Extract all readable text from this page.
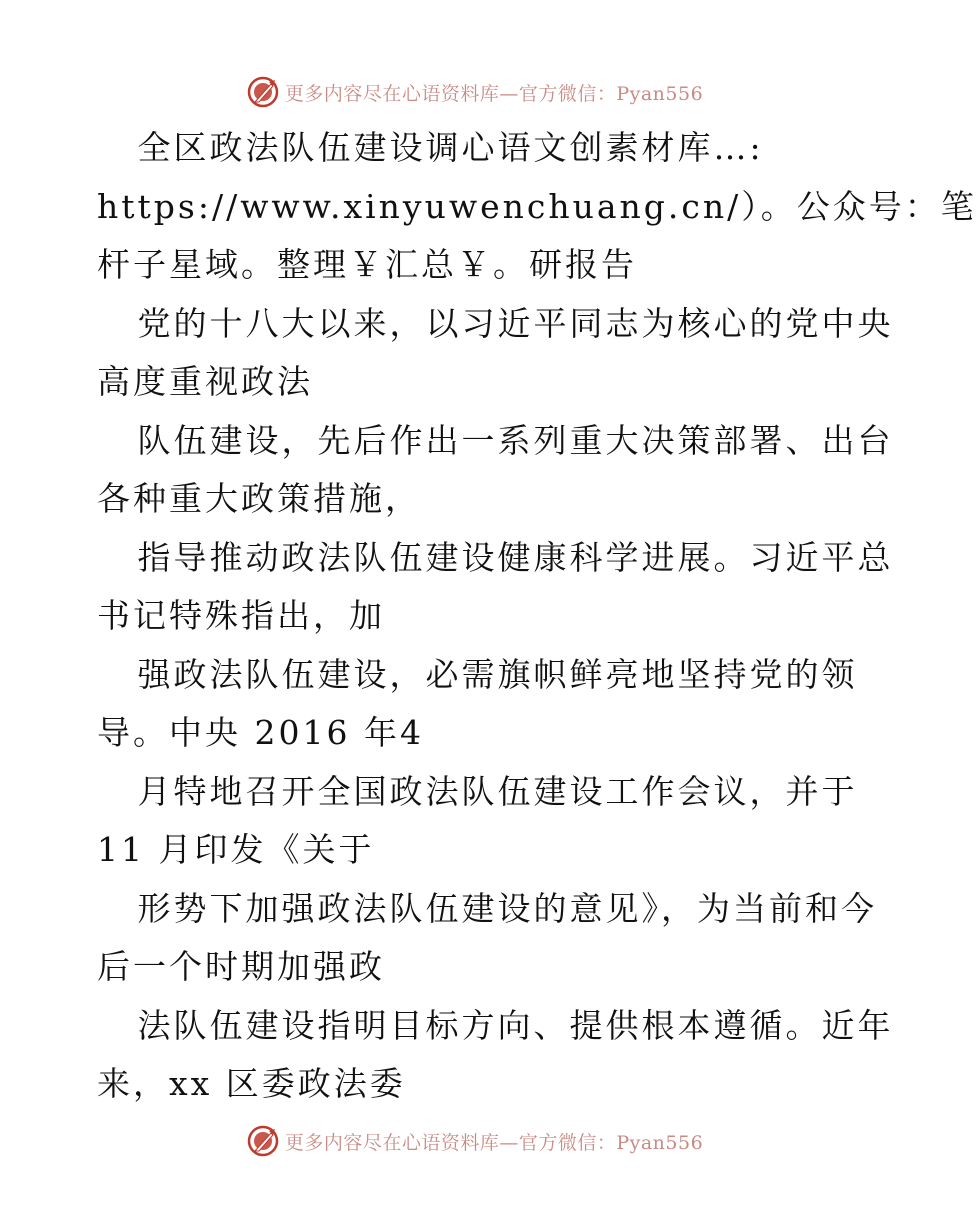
更多内容尽在心语资料库—官方微信：Pyan556
全区政法队伍建设调心语文创素材库…:
https://www.xinyuwenchuang.cn/）。公众号：笔
杆子星域。整理￥汇总￥。研报告
党的十八大以来，以习近平同志为核心的党中央
高度重视政法
队伍建设，先后作出一系列重大决策部署、出台
各种重大政策措施，
指导推动政法队伍建设健康科学进展。习近平总
书记特殊指出，加
强政法队伍建设，必需旗帜鲜亮地坚持党的领
导。中央 2016 年4
月特地召开全国政法队伍建设工作会议，并于
11 月印发《关于
形势下加强政法队伍建设的意见》，为当前和今
后一个时期加强政
法队伍建设指明目标方向、提供根本遵循。近年
来，xx 区委政法委
更多内容尽在心语资料库—官方微信：Pyan556
